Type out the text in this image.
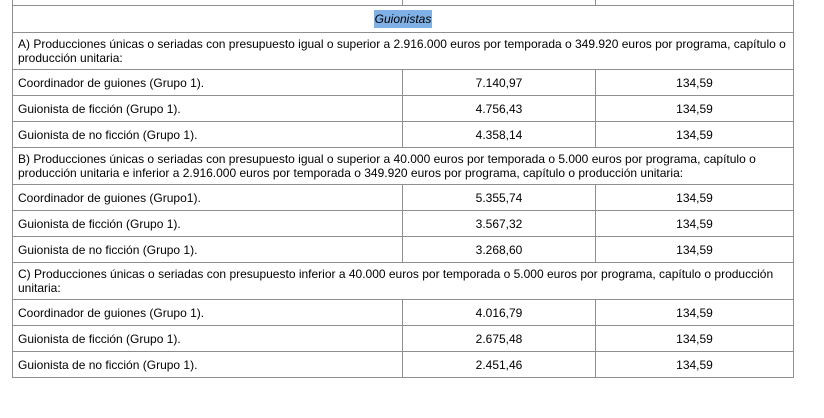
Guionistas		
A) Producciones únicas o seriadas con presupuesto igual o superior a 2.916.000 euros por temporada o 349.920 euros por programa, capítulo o producción unitaria:		
Coordinador de guiones (Grupo 1).	7.140,97	134,59
Guionista de ficción (Grupo 1).	4.756,43	134,59
Guionista de no ficción (Grupo 1).	4.358,14	134,59
B) Producciones únicas o seriadas con presupuesto igual o superior a 40.000 euros por temporada o 5.000 euros por programa, capítulo o producción unitaria e inferior a 2.916.000 euros por temporada o 349.920 euros por programa, capítulo o producción unitaria:		
Coordinador de guiones (Grupo1).	5.355,74	134,59
Guionista de ficción (Grupo 1).	3.567,32	134,59
Guionista de no ficción (Grupo 1).	3.268,60	134,59
C) Producciones únicas o seriadas con presupuesto inferior a 40.000 euros por temporada o 5.000 euros por programa, capítulo o producción unitaria:		
Coordinador de guiones (Grupo 1).	4.016,79	134,59
Guionista de ficción (Grupo 1).	2.675,48	134,59
Guionista de no ficción (Grupo 1).	2.451,46	134,59
